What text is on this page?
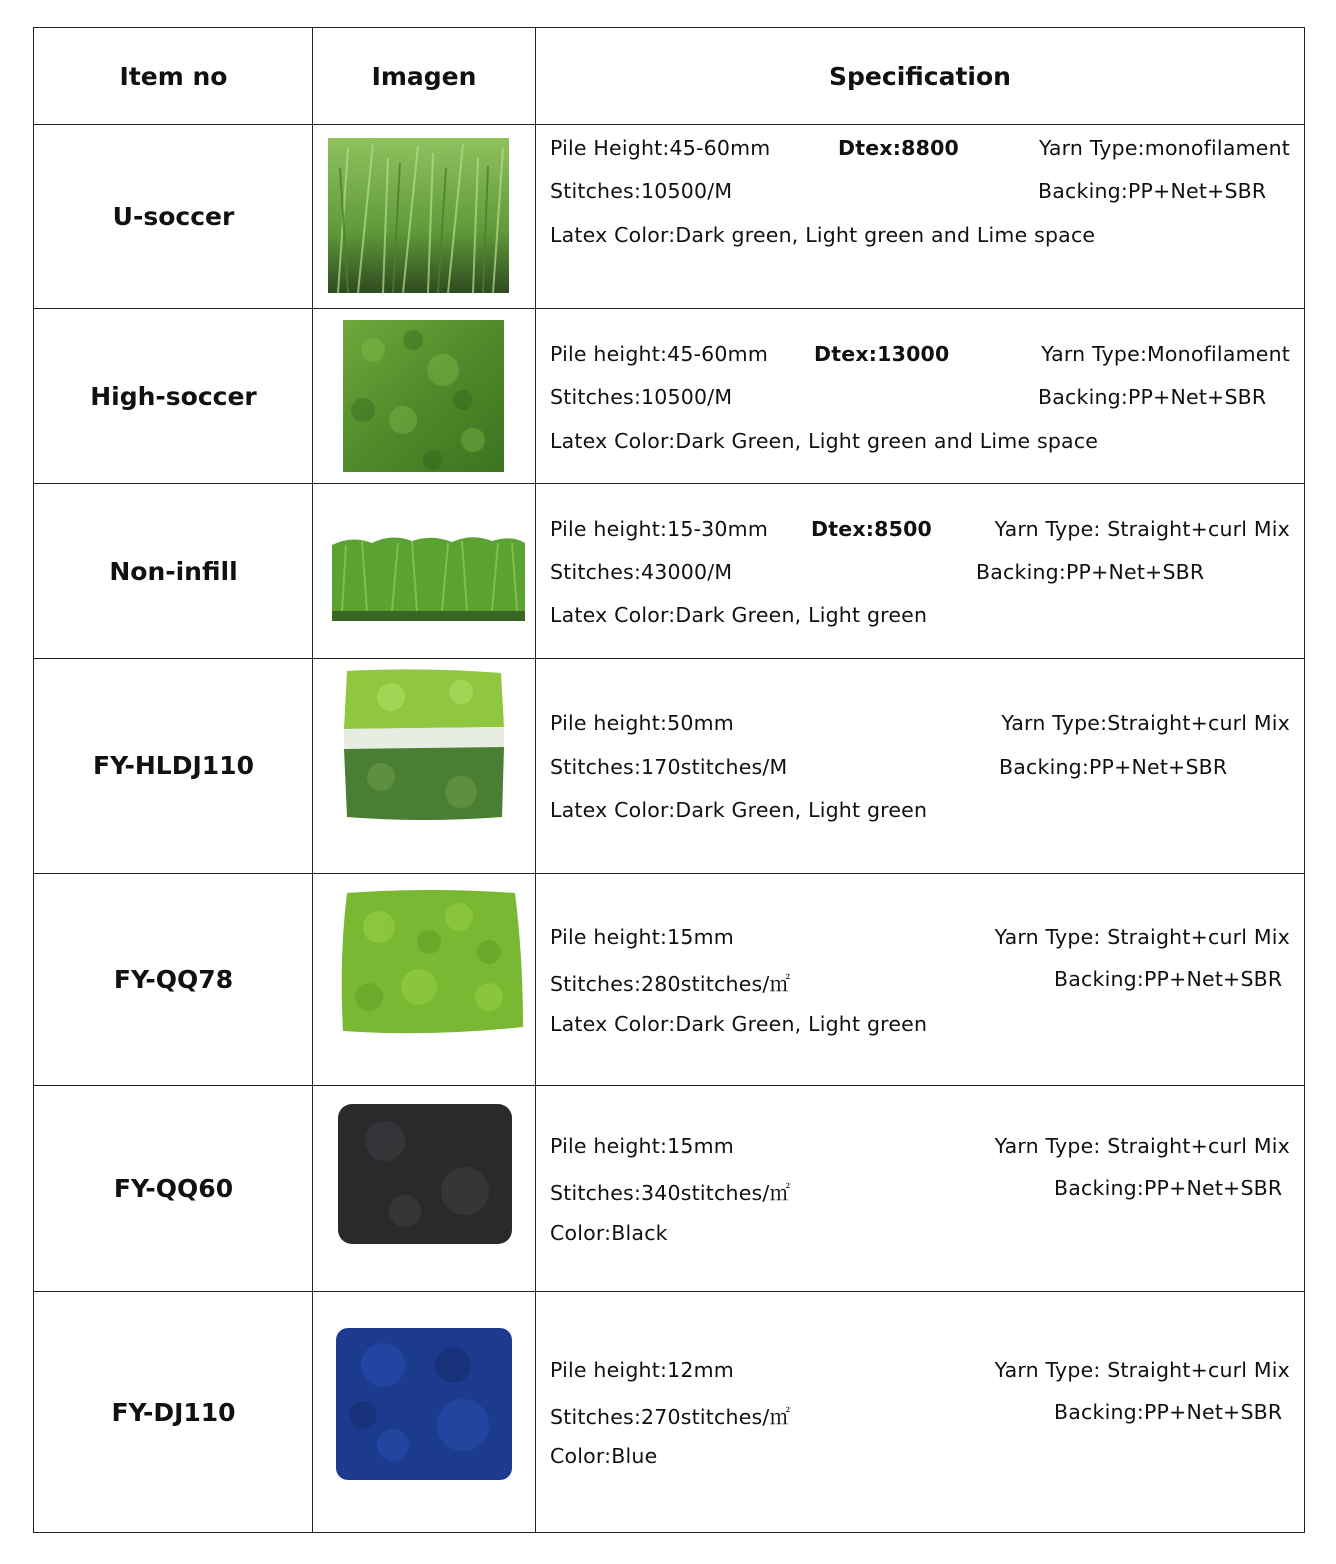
Item no	Imagen	Specification
U-soccer
Pile Height:45-60mm	Dtex:8800	Yarn Type:monofilament
Stitches:10500/M	Backing:PP+Net+SBR
Latex Color:Dark green, Light green and Lime space
High-soccer
Pile height:45-60mm Dtex:13000	Yarn Type:Monofilament
Stitches:10500/M	Backing:PP+Net+SBR
Latex Color:Dark Green, Light green and Lime space
Non-infill
Pile height:15-30mm Dtex:8500	Yarn Type: Straight+curl Mix
Stitches:43000/M	Backing:PP+Net+SBR
Latex Color:Dark Green, Light green
FY-HLDJ110
Pile height:50mm	Yarn Type:Straight+curl Mix
Stitches:170stitches/M	Backing:PP+Net+SBR
Latex Color:Dark Green, Light green
FY-QQ78
Pile height:15mm	Yarn Type: Straight+curl Mix
Stitches:280stitches/㎡	Backing:PP+Net+SBR
Latex Color:Dark Green, Light green
FY-QQ60
Pile height:15mm	Yarn Type: Straight+curl Mix
Stitches:340stitches/㎡	Backing:PP+Net+SBR
Color:Black
FY-DJ110
Pile height:12mm	Yarn Type: Straight+curl Mix
Stitches:270stitches/㎡	Backing:PP+Net+SBR
Color:Blue
